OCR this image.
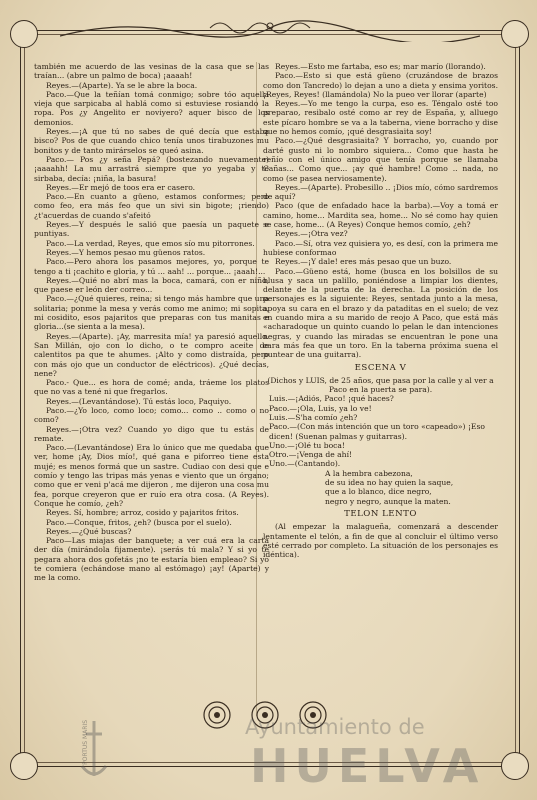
también me acuerdo de las vesinas de la casa que se las traían... (abre un palmo de boca) ¡aaaah!

Reyes.—(Aparte). Ya se le abre la boca.

Paco.—Que la teñían tomá conmigo; sobre tóo aquella vieja que sarpicaba al hablá como si estuviese rosiando la ropa. Pos ¿y Angelito er noviyero? aquer bisco de los demonios.

Reyes.—¡A que tú no sabes de qué decía que estaba bisco? Pos de que cuando chico tenía unos tirabuzones mu bonitos y de tanto mirárselos se queó asina.

Paco.— Pos ¿y seña Pepá? (bostezando nuevamente) ¡aaaahh! La mu arrastrá siempre que yo yegaba y te sirbaba, decía: ¡niña, la basura!

Reyes.—Er mejó de toos era er casero.

Paco.—En cuanto a güeno, estamos conformes; pero como feo, era más feo que un sivi sin bigote; ¡riendo) ¿t'acuerdas de cuando s'afeitó

Reyes.—Y después le salió que paesía un paquete e puntiyas.

Paco.—La verdad, Reyes, que emos sío mu pitorrones.

Reyes.—Y hemos pesao mu güenos ratos.

Paco.—Pero ahora los pasamos mejores, yo, porque te tengo a ti ¡cachito e gloria, y tú ... aah! ... porque... ¡aaah!...

Reyes.—Quié no abrí mas la boca, camará, con er niño, que paese er león der correo...

Paco.—¿Qué quieres, reina; si tengo más hambre que una solitaria; ponme la mesa y verás como me animo; mi sopita, mi cosidito, esos pajaritos que preparas con tus manitas e gloria...(se sienta a la mesa).

Reyes.—(Aparte). ¡Ay, marresita mía! ya paresió aquello. San Millán, ojo con lo dicho, o te compro aceite de calentitos pa que te ahumes. ¡Alto y como distraída, pero con más ojo que un conductor de eléctricos). ¿Qué decías, nene?

Paco.- Que... es hora de comé; anda, tráeme los platos que no vas a tené ni que fregarlos.

Reyes.—(Levantándose). Tú estás loco, Paquiyo.

Paco.—¿Yo loco, como loco; como... como .. como o no como?

Reyes.—¡Otra vez? Cuando yo digo que tu estás de remate.

Paco.—(Levantándose) Era lo único que me quedaba que ver, home ¡Ay, Dios mío!, qué gana e piforreo tiene esta mujé; es menos formá que un sastre. Cudiao con desi que e comío y tengo las tripas más yenas e viento que un órgano; como que er veni p'acá me dijeron , me dijeron una cosa mu fea, porque creyeron que er ruío era otra cosa. (A Reyes). Conque he comío, ¿eh?

Reyes. Sí, hombre; arroz, cosido y pajaritos fritos.

Paco.—Conque, fritos, ¿eh? (busca por el suelo).

Reyes.—¿Qué buscas?

Paco—Las miajas der banquete; a ver cuá era la carta der día (mirándola fijamente). ¡serás tú mala? Y si yo te pegara ahora dos gofetás ¡no te estaría bien empleao? Si yo te comiera (echándose mano al estómago) ¡ay! (Aparte) y me la como.

Reyes.—Esto me fartaba, eso es; mar marío (llorando).

Paco.—Esto si que está güeno (cruzándose de brazos como don Tancredo) lo dejan a uno a dieta y ensima yoritos. ¡Reyes, Reyes! (llamándola) No la pueo ver llorar (aparte)

Reyes.—Yo me tengo la curpa, eso es. Téngalo osté too preparao, resibalo osté como ar rey de España, y, alluego este pícaro hombre se va a la taberna, viene borracho y dise que no hemos comío, ¡qué desgrasiaita soy!

Paco.—¿Qué desgrasiaita? Y borracho, yo, cuando por darté gusto ni lo nombro siquiera... Como que hasta he reñío con el único amigo que tenía porque se llamaba Cañas... Como que... ¡ay qué hambre! Como .. nada, no como (se pasea nerviosamente).

Reyes.—(Aparte). Probesillo .. ¡Dios mío, cómo sardremos de aquí?

Paco (que de enfadado hace la barba).—Voy a tomá er camino, home... Mardita sea, home... No sé como hay quien se case, home... (A Reyes) Conque hemos comío, ¿eh?

Reyes.—¡Otra vez?

Paco.—Sí, otra vez quisiera yo, es desí, con la primera me hubiese conformao

Reyes.—¡Y dale! eres más pesao que un buzo.

Paco.—Güeno está, home (busca en los bolsillos de su blusa y saca un palillo, poniéndose a limpiar los dientes, delante de la puerta de la derecha. La posición de los personajes es la siguiente: Reyes, sentada junto a la mesa, apoya su cara en el brazo y da pataditas en el suelo; de vez en cuando mira a su marido de reojo A Paco, que está más «acharadoque un quinto cuando lo pelan le dan intenciones negras, y cuando las miradas se encuentran le pone una cara más fea que un toro. En la taberna próxima suena el puntear de una guitarra).

ESCENA V

(Dichos y LUIS, de 25 años, que pasa por la calle y al ver a Paco en la puerta se para).

Luis.—¡Adiós, Paco! ¡qué haces?

Paco.—¡Ola, Luis, ya lo ve!

Luis.—S'ha comío ¿eh?

Paco.—(Con más intención que un toro «capeado») ¡Eso dicen! (Suenan palmas y guitarras).

Uno.—¡Olé tu boca!

Otro.—¡Venga de ahí!

Uno.—(Cantando).

A la hembra cabezona,

de su idea no hay quien la saque,

que a lo blanco, dice negro,

negro y negro, aunque la maten.

TELON LENTO

(Al empezar la malagueña, comenzará a descender lentamente el telón, a fin de que al concluir el último verso esté cerrado por completo. La situación de los personajes es idéntica).

PORTUS MARIS	Ayuntamiento de
HUELVA
